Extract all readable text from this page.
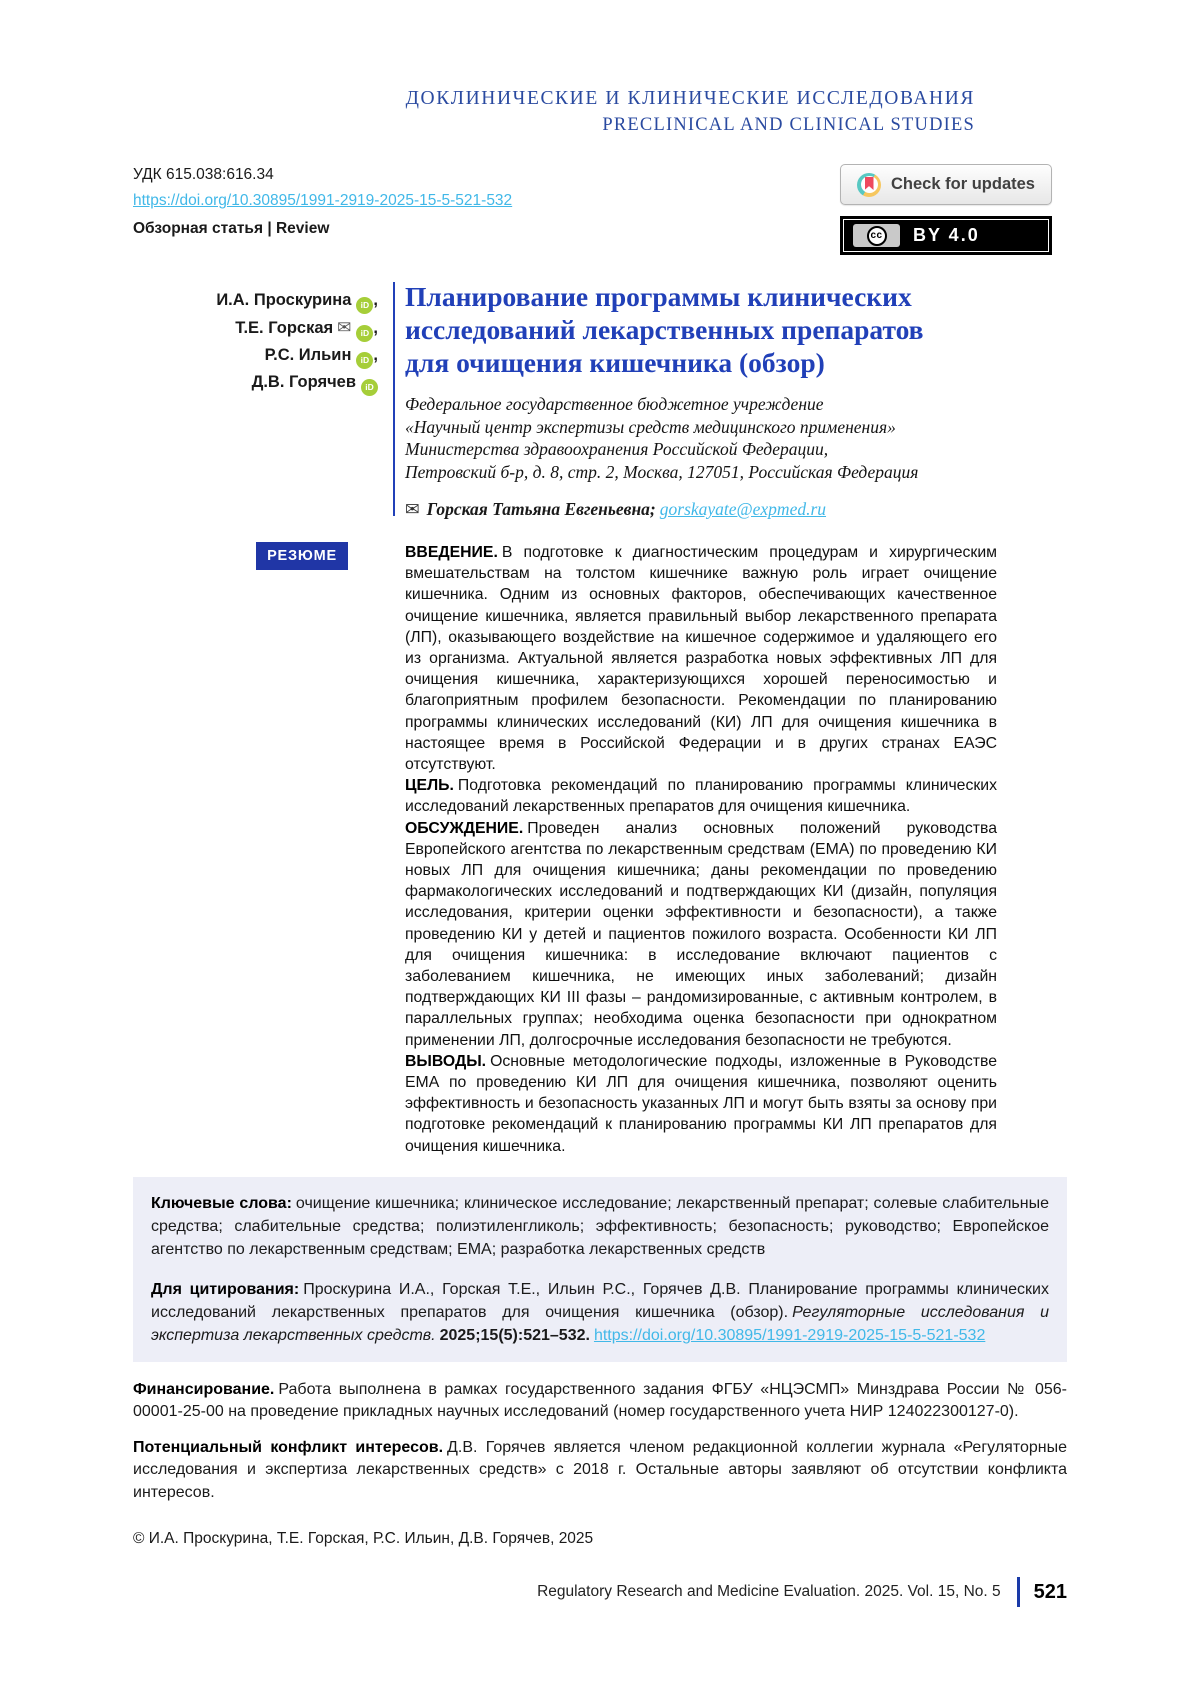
ДОКЛИНИЧЕСКИЕ И КЛИНИЧЕСКИЕ ИССЛЕДОВАНИЯ
PRECLINICAL AND CLINICAL STUDIES
УДК 615.038:616.34
https://doi.org/10.30895/1991-2919-2025-15-5-521-532
Обзорная статья | Review
Check for updates
cc BY 4.0
И.А. Проскурина iD ,
Т.Е. Горская ✉ iD ,
Р.С. Ильин iD ,
Д.В. Горячев iD
Планирование программы клинических
исследований лекарственных препаратов
для очищения кишечника (обзор)
Федеральное государственное бюджетное учреждение
«Научный центр экспертизы средств медицинского применения»
Министерства здравоохранения Российской Федерации,
Петровский б-р, д. 8, стр. 2, Москва, 127051, Российская Федерация
✉ Горская Татьяна Евгеньевна; gorskayate@expmed.ru
РЕЗЮМЕ	ВВЕДЕНИЕ. В подготовке к диагностическим процедурам и хирургическим вмешательствам на толстом кишечнике важную роль играет очищение кишечника. Одним из основных факторов, обеспечивающих качественное очищение кишечника, является правильный выбор лекарственного препарата (ЛП), оказывающего воздействие на кишечное содержимое и удаляющего его из организма. Актуальной является разработка новых эффективных ЛП для очищения кишечника, характеризующихся хорошей переносимостью и благоприятным профилем безопасности. Рекомендации по планированию программы клинических исследований (КИ) ЛП для очищения кишечника в настоящее время в Российской Федерации и в других странах ЕАЭС отсутствуют.

ЦЕЛЬ. Подготовка рекомендаций по планированию программы клинических исследований лекарственных препаратов для очищения кишечника.

ОБСУЖДЕНИЕ. Проведен анализ основных положений руководства Европейского агентства по лекарственным средствам (ЕМА) по проведению КИ новых ЛП для очищения кишечника; даны рекомендации по проведению фармакологических исследований и подтверждающих КИ (дизайн, популяция исследования, критерии оценки эффективности и безопасности), а также проведению КИ у детей и пациентов пожилого возраста. Особенности КИ ЛП для очищения кишечника: в исследование включают пациентов с заболеванием кишечника, не имеющих иных заболеваний; дизайн подтверждающих КИ III фазы – рандомизированные, с активным контролем, в параллельных группах; необходима оценка безопасности при однократном применении ЛП, долгосрочные исследования безопасности не требуются.

ВЫВОДЫ. Основные методологические подходы, изложенные в Руководстве ЕМА по проведению КИ ЛП для очищения кишечника, позволяют оценить эффективность и безопасность указанных ЛП и могут быть взяты за основу при подготовке рекомендаций к планированию программы КИ ЛП препаратов для очищения кишечника.

Ключевые слова: очищение кишечника; клиническое исследование; лекарственный препарат; солевые слабительные средства; слабительные средства; полиэтиленгликоль; эффективность; безопасность; руководство; Европейское агентство по лекарственным средствам; ЕМА; разработка лекарственных средств
Для цитирования: Проскурина И.А., Горская Т.Е., Ильин Р.С., Горячев Д.В. Планирование программы клинических исследований лекарственных препаратов для очищения кишечника (обзор). Регуляторные исследования и экспертиза лекарственных средств. 2025;15(5):521–532. https://doi.org/10.30895/1991-2919-2025-15-5-521-532
Финансирование. Работа выполнена в рамках государственного задания ФГБУ «НЦЭСМП» Минздрава России № 056-00001-25-00 на проведение прикладных научных исследований (номер государственного учета НИР 124022300127-0).
Потенциальный конфликт интересов. Д.В. Горячев является членом редакционной коллегии журнала «Регуляторные исследования и экспертиза лекарственных средств» с 2018 г. Остальные авторы заявляют об отсутствии конфликта интересов.
© И.А. Проскурина, Т.Е. Горская, Р.С. Ильин, Д.В. Горячев, 2025
Regulatory Research and Medicine Evaluation. 2025. Vol. 15, No. 5 521
